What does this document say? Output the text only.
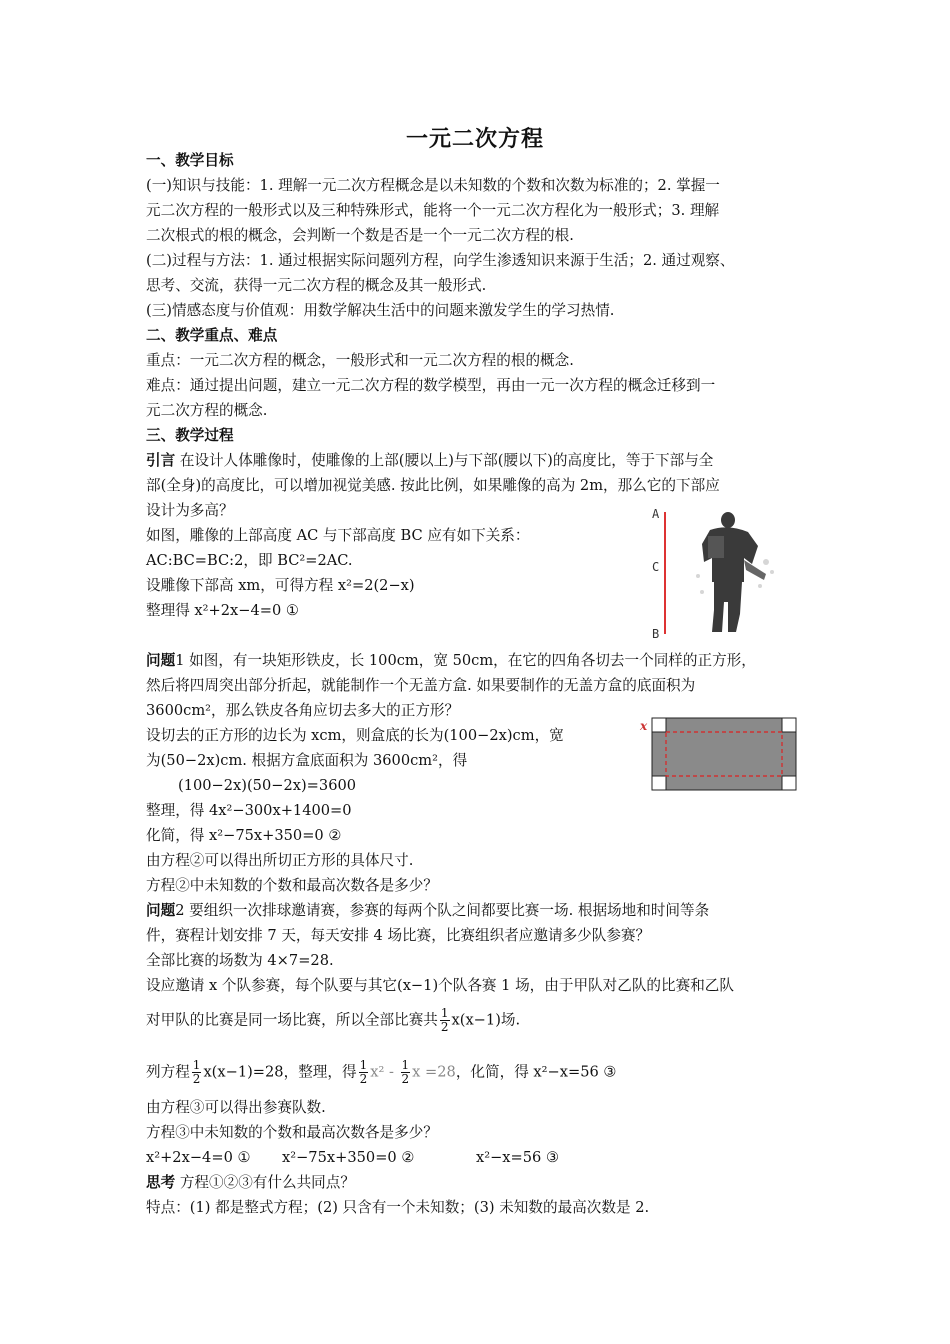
一元二次方程
一、教学目标
(一)知识与技能：1. 理解一元二次方程概念是以未知数的个数和次数为标准的；2. 掌握一
元二次方程的一般形式以及三种特殊形式，能将一个一元二次方程化为一般形式；3. 理解
二次根式的根的概念，会判断一个数是否是一个一元二次方程的根.
(二)过程与方法：1. 通过根据实际问题列方程，向学生渗透知识来源于生活；2. 通过观察、
思考、交流，获得一元二次方程的概念及其一般形式.
(三)情感态度与价值观：用数学解决生活中的问题来激发学生的学习热情.
二、教学重点、难点
重点：一元二次方程的概念，一般形式和一元二次方程的根的概念.
难点：通过提出问题，建立一元二次方程的数学模型，再由一元一次方程的概念迁移到一
元二次方程的概念.
三、教学过程
引言 在设计人体雕像时，使雕像的上部(腰以上)与下部(腰以下)的高度比，等于下部与全
部(全身)的高度比，可以增加视觉美感. 按此比例，如果雕像的高为 2m，那么它的下部应
设计为多高？
如图，雕像的上部高度 AC 与下部高度 BC 应有如下关系：
AC:BC=BC:2，即 BC²=2AC.
设雕像下部高 xm，可得方程 x²=2(2−x)
整理得 x²+2x−4=0 ①
A
C
B
问题1 如图，有一块矩形铁皮，长 100cm，宽 50cm，在它的四角各切去一个同样的正方形，
然后将四周突出部分折起，就能制作一个无盖方盒. 如果要制作的无盖方盒的底面积为
3600cm²，那么铁皮各角应切去多大的正方形？
设切去的正方形的边长为 xcm，则盒底的长为(100−2x)cm，宽
为(50−2x)cm. 根据方盒底面积为 3600cm²，得
(100−2x)(50−2x)=3600
整理，得 4x²−300x+1400=0
化简，得 x²−75x+350=0 ②
由方程②可以得出所切正方形的具体尺寸.
方程②中未知数的个数和最高次数各是多少？
x
问题2 要组织一次排球邀请赛，参赛的每两个队之间都要比赛一场. 根据场地和时间等条
件，赛程计划安排 7 天，每天安排 4 场比赛，比赛组织者应邀请多少队参赛？
全部比赛的场数为 4×7=28.
设应邀请 x 个队参赛，每个队要与其它(x−1)个队各赛 1 场，由于甲队对乙队的比赛和乙队
对甲队的比赛是同一场比赛，所以全部比赛共 $\frac{1}{2} x(x-1)$场.
列方程 $\frac{1}{2} x(x-1)=28$，整理，得 $\frac{1}{2} x^2 - \frac{1}{2}$ x =28，化简，得 x²−x=56 ③
由方程③可以得出参赛队数.
方程③中未知数的个数和最高次数各是多少？
x²+2x−4=0 ① x²−75x+350=0 ②	x²−x=56 ③
思考 方程①②③有什么共同点？
特点：(1) 都是整式方程；(2) 只含有一个未知数；(3) 未知数的最高次数是 2.
